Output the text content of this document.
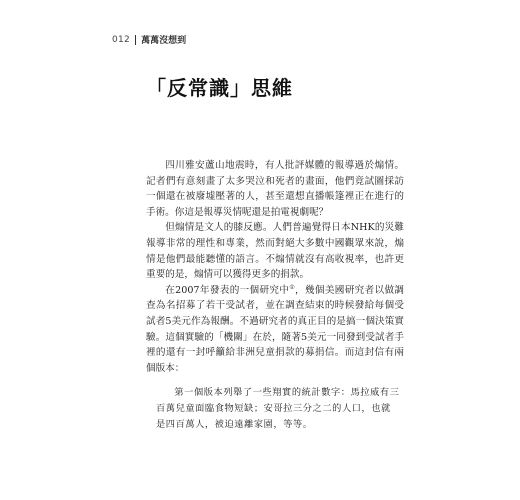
012 萬萬沒想到
「反常識」思維

四川雅安蘆山地震時，有人批評媒體的報導過於煽情。記者們有意刻畫了太多哭泣和死者的畫面，他們竟試圖採訪一個還在被廢墟壓著的人，甚至還想直播帳篷裡正在進行的手術。你這是報導災情呢還是拍電視劇呢？

但煽情是文人的膝反應。人們普遍覺得日本NHK的災難報導非常的理性和專業，然而對絕大多數中國觀眾來說，煽情是他們最能聽懂的語言。不煽情就沒有高收視率，也許更重要的是，煽情可以獲得更多的捐款。

在2007年發表的一個研究中①，幾個美國研究者以做調查為名招募了若干受試者，並在調查結束的時候發給每個受試者5美元作為報酬。不過研究者的真正目的是搞一個決策實驗。這個實驗的「機關」在於，隨著5美元一同發到受試者手裡的還有一封呼籲給非洲兒童捐款的募捐信。而這封信有兩個版本：

第一個版本列舉了一些翔實的統計數字：馬拉威有三百萬兒童面臨食物短缺；安哥拉三分之二的人口，也就是四百萬人，被迫遠離家園，等等。
